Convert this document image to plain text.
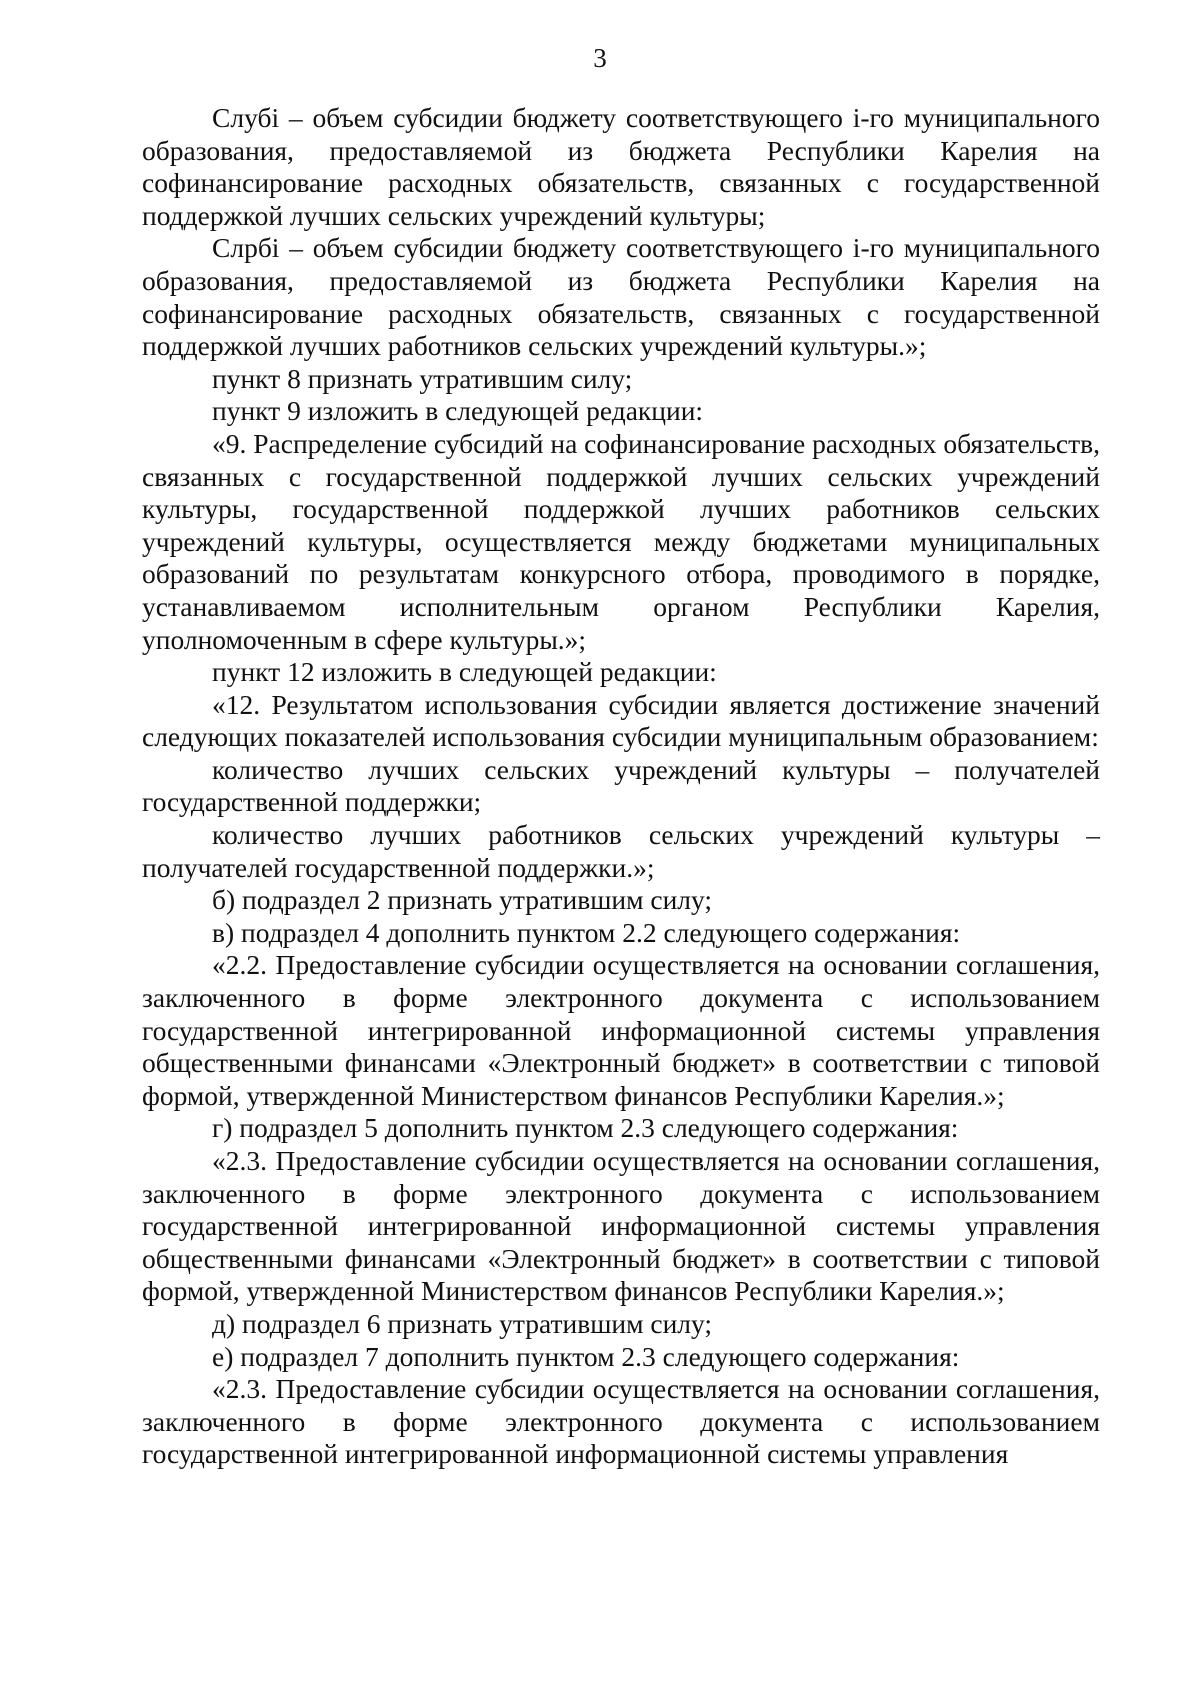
3

Слубi – объем субсидии бюджету соответствующего i-го муниципального образования, предоставляемой из бюджета Республики Карелия на софинансирование расходных обязательств, связанных с государственной поддержкой лучших сельских учреждений культуры;

Слрбi – объем субсидии бюджету соответствующего i-го муниципального образования, предоставляемой из бюджета Республики Карелия на софинансирование расходных обязательств, связанных с государственной поддержкой лучших работников сельских учреждений культуры.»;

пункт 8 признать утратившим силу;

пункт 9 изложить в следующей редакции:

«9. Распределение субсидий на софинансирование расходных обязательств, связанных с государственной поддержкой лучших сельских учреждений культуры, государственной поддержкой лучших работников сельских учреждений культуры, осуществляется между бюджетами муниципальных образований по результатам конкурсного отбора, проводимого в порядке, устанавливаемом исполнительным органом Республики Карелия, уполномоченным в сфере культуры.»;

пункт 12 изложить в следующей редакции:

«12. Результатом использования субсидии является достижение значений следующих показателей использования субсидии муниципальным образованием:

количество лучших сельских учреждений культуры – получателей государственной поддержки;

количество лучших работников сельских учреждений культуры – получателей государственной поддержки.»;

б) подраздел 2 признать утратившим силу;

в) подраздел 4 дополнить пунктом 2.2 следующего содержания:

«2.2. Предоставление субсидии осуществляется на основании соглашения, заключенного в форме электронного документа с использованием государственной интегрированной информационной системы управления общественными финансами «Электронный бюджет» в соответствии с типовой формой, утвержденной Министерством финансов Республики Карелия.»;

г) подраздел 5 дополнить пунктом 2.3 следующего содержания:

«2.3. Предоставление субсидии осуществляется на основании соглашения, заключенного в форме электронного документа с использованием государственной интегрированной информационной системы управления общественными финансами «Электронный бюджет» в соответствии с типовой формой, утвержденной Министерством финансов Республики Карелия.»;

д) подраздел 6 признать утратившим силу;

е) подраздел 7 дополнить пунктом 2.3 следующего содержания:

«2.3. Предоставление субсидии осуществляется на основании соглашения, заключенного в форме электронного документа с использованием государственной интегрированной информационной системы управления
